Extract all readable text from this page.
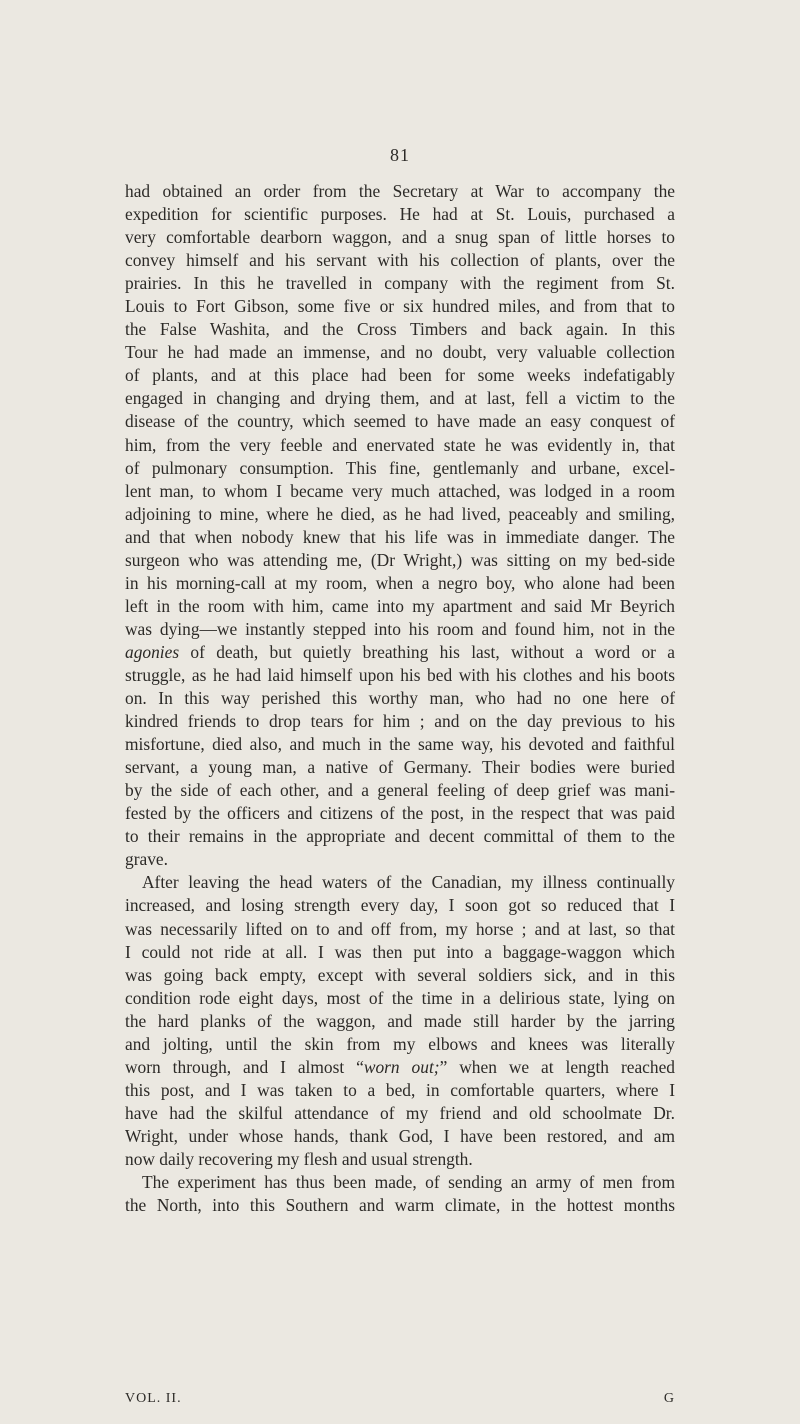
81
had obtained an order from the Secretary at War to accompany the
expedition for scientific purposes. He had at St. Louis, purchased a
very comfortable dearborn waggon, and a snug span of little horses to
convey himself and his servant with his collection of plants, over the
prairies. In this he travelled in company with the regiment from St.
Louis to Fort Gibson, some five or six hundred miles, and from that to
the False Washita, and the Cross Timbers and back again. In this
Tour he had made an immense, and no doubt, very valuable collection
of plants, and at this place had been for some weeks indefatigably
engaged in changing and drying them, and at last, fell a victim to the
disease of the country, which seemed to have made an easy conquest of
him, from the very feeble and enervated state he was evidently in, that
of pulmonary consumption. This fine, gentlemanly and urbane, excel-
lent man, to whom I became very much attached, was lodged in a room
adjoining to mine, where he died, as he had lived, peaceably and smiling,
and that when nobody knew that his life was in immediate danger. The
surgeon who was attending me, (Dr Wright,) was sitting on my bed-side
in his morning-call at my room, when a negro boy, who alone had been
left in the room with him, came into my apartment and said Mr Beyrich
was dying—we instantly stepped into his room and found him, not in the
agonies of death, but quietly breathing his last, without a word or a
struggle, as he had laid himself upon his bed with his clothes and his boots
on. In this way perished this worthy man, who had no one here of
kindred friends to drop tears for him ; and on the day previous to his
misfortune, died also, and much in the same way, his devoted and faithful
servant, a young man, a native of Germany. Their bodies were buried
by the side of each other, and a general feeling of deep grief was mani-
fested by the officers and citizens of the post, in the respect that was paid
to their remains in the appropriate and decent committal of them to the
grave.
After leaving the head waters of the Canadian, my illness continually
increased, and losing strength every day, I soon got so reduced that I
was necessarily lifted on to and off from, my horse ; and at last, so that
I could not ride at all. I was then put into a baggage-waggon which
was going back empty, except with several soldiers sick, and in this
condition rode eight days, most of the time in a delirious state, lying on
the hard planks of the waggon, and made still harder by the jarring
and jolting, until the skin from my elbows and knees was literally
worn through, and I almost “worn out;” when we at length reached
this post, and I was taken to a bed, in comfortable quarters, where I
have had the skilful attendance of my friend and old schoolmate Dr.
Wright, under whose hands, thank God, I have been restored, and am
now daily recovering my flesh and usual strength.
The experiment has thus been made, of sending an army of men from
the North, into this Southern and warm climate, in the hottest months
VOL. II.	G
